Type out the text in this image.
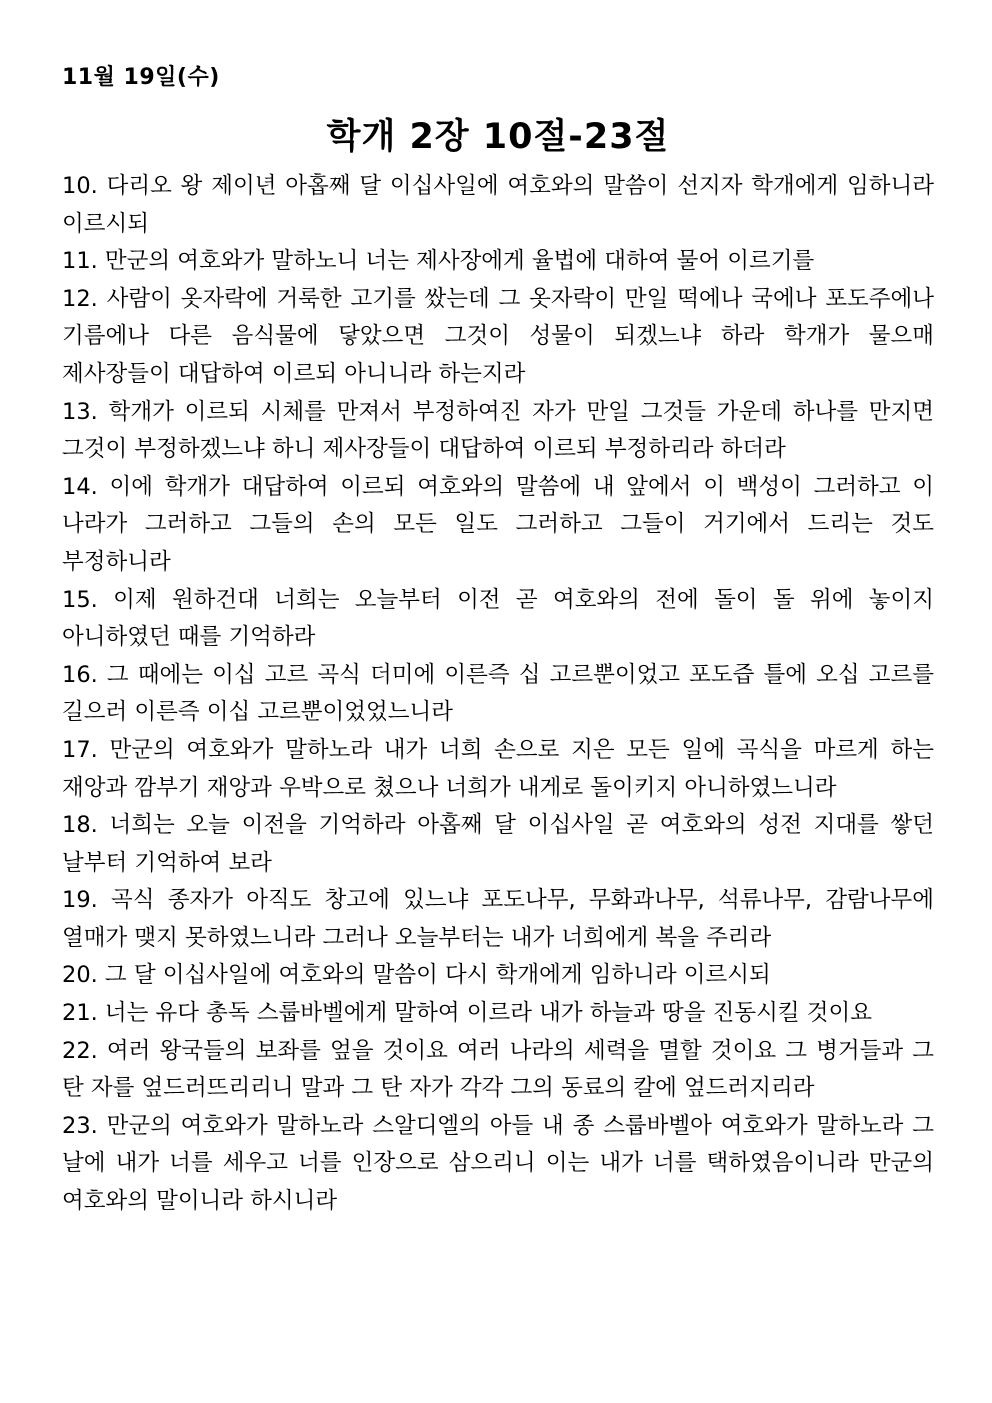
11월 19일(수)
학개 2장 10절-23절
10. 다리오 왕 제이년 아홉째 달 이십사일에 여호와의 말씀이 선지자 학개에게 임하니라 이르시되
11. 만군의 여호와가 말하노니 너는 제사장에게 율법에 대하여 물어 이르기를
12. 사람이 옷자락에 거룩한 고기를 쌌는데 그 옷자락이 만일 떡에나 국에나 포도주에나 기름에나 다른 음식물에 닿았으면 그것이 성물이 되겠느냐 하라 학개가 물으매 제사장들이 대답하여 이르되 아니니라 하는지라
13. 학개가 이르되 시체를 만져서 부정하여진 자가 만일 그것들 가운데 하나를 만지면 그것이 부정하겠느냐 하니 제사장들이 대답하여 이르되 부정하리라 하더라
14. 이에 학개가 대답하여 이르되 여호와의 말씀에 내 앞에서 이 백성이 그러하고 이 나라가 그러하고 그들의 손의 모든 일도 그러하고 그들이 거기에서 드리는 것도 부정하니라
15. 이제 원하건대 너희는 오늘부터 이전 곧 여호와의 전에 돌이 돌 위에 놓이지 아니하였던 때를 기억하라
16. 그 때에는 이십 고르 곡식 더미에 이른즉 십 고르뿐이었고 포도즙 틀에 오십 고르를 길으러 이른즉 이십 고르뿐이었었느니라
17. 만군의 여호와가 말하노라 내가 너희 손으로 지은 모든 일에 곡식을 마르게 하는 재앙과 깜부기 재앙과 우박으로 쳤으나 너희가 내게로 돌이키지 아니하였느니라
18. 너희는 오늘 이전을 기억하라 아홉째 달 이십사일 곧 여호와의 성전 지대를 쌓던 날부터 기억하여 보라
19. 곡식 종자가 아직도 창고에 있느냐 포도나무, 무화과나무, 석류나무, 감람나무에 열매가 맺지 못하였느니라 그러나 오늘부터는 내가 너희에게 복을 주리라
20. 그 달 이십사일에 여호와의 말씀이 다시 학개에게 임하니라 이르시되
21. 너는 유다 총독 스룹바벨에게 말하여 이르라 내가 하늘과 땅을 진동시킬 것이요
22. 여러 왕국들의 보좌를 엎을 것이요 여러 나라의 세력을 멸할 것이요 그 병거들과 그 탄 자를 엎드러뜨리리니 말과 그 탄 자가 각각 그의 동료의 칼에 엎드러지리라
23. 만군의 여호와가 말하노라 스알디엘의 아들 내 종 스룹바벨아 여호와가 말하노라 그 날에 내가 너를 세우고 너를 인장으로 삼으리니 이는 내가 너를 택하였음이니라 만군의 여호와의 말이니라 하시니라
